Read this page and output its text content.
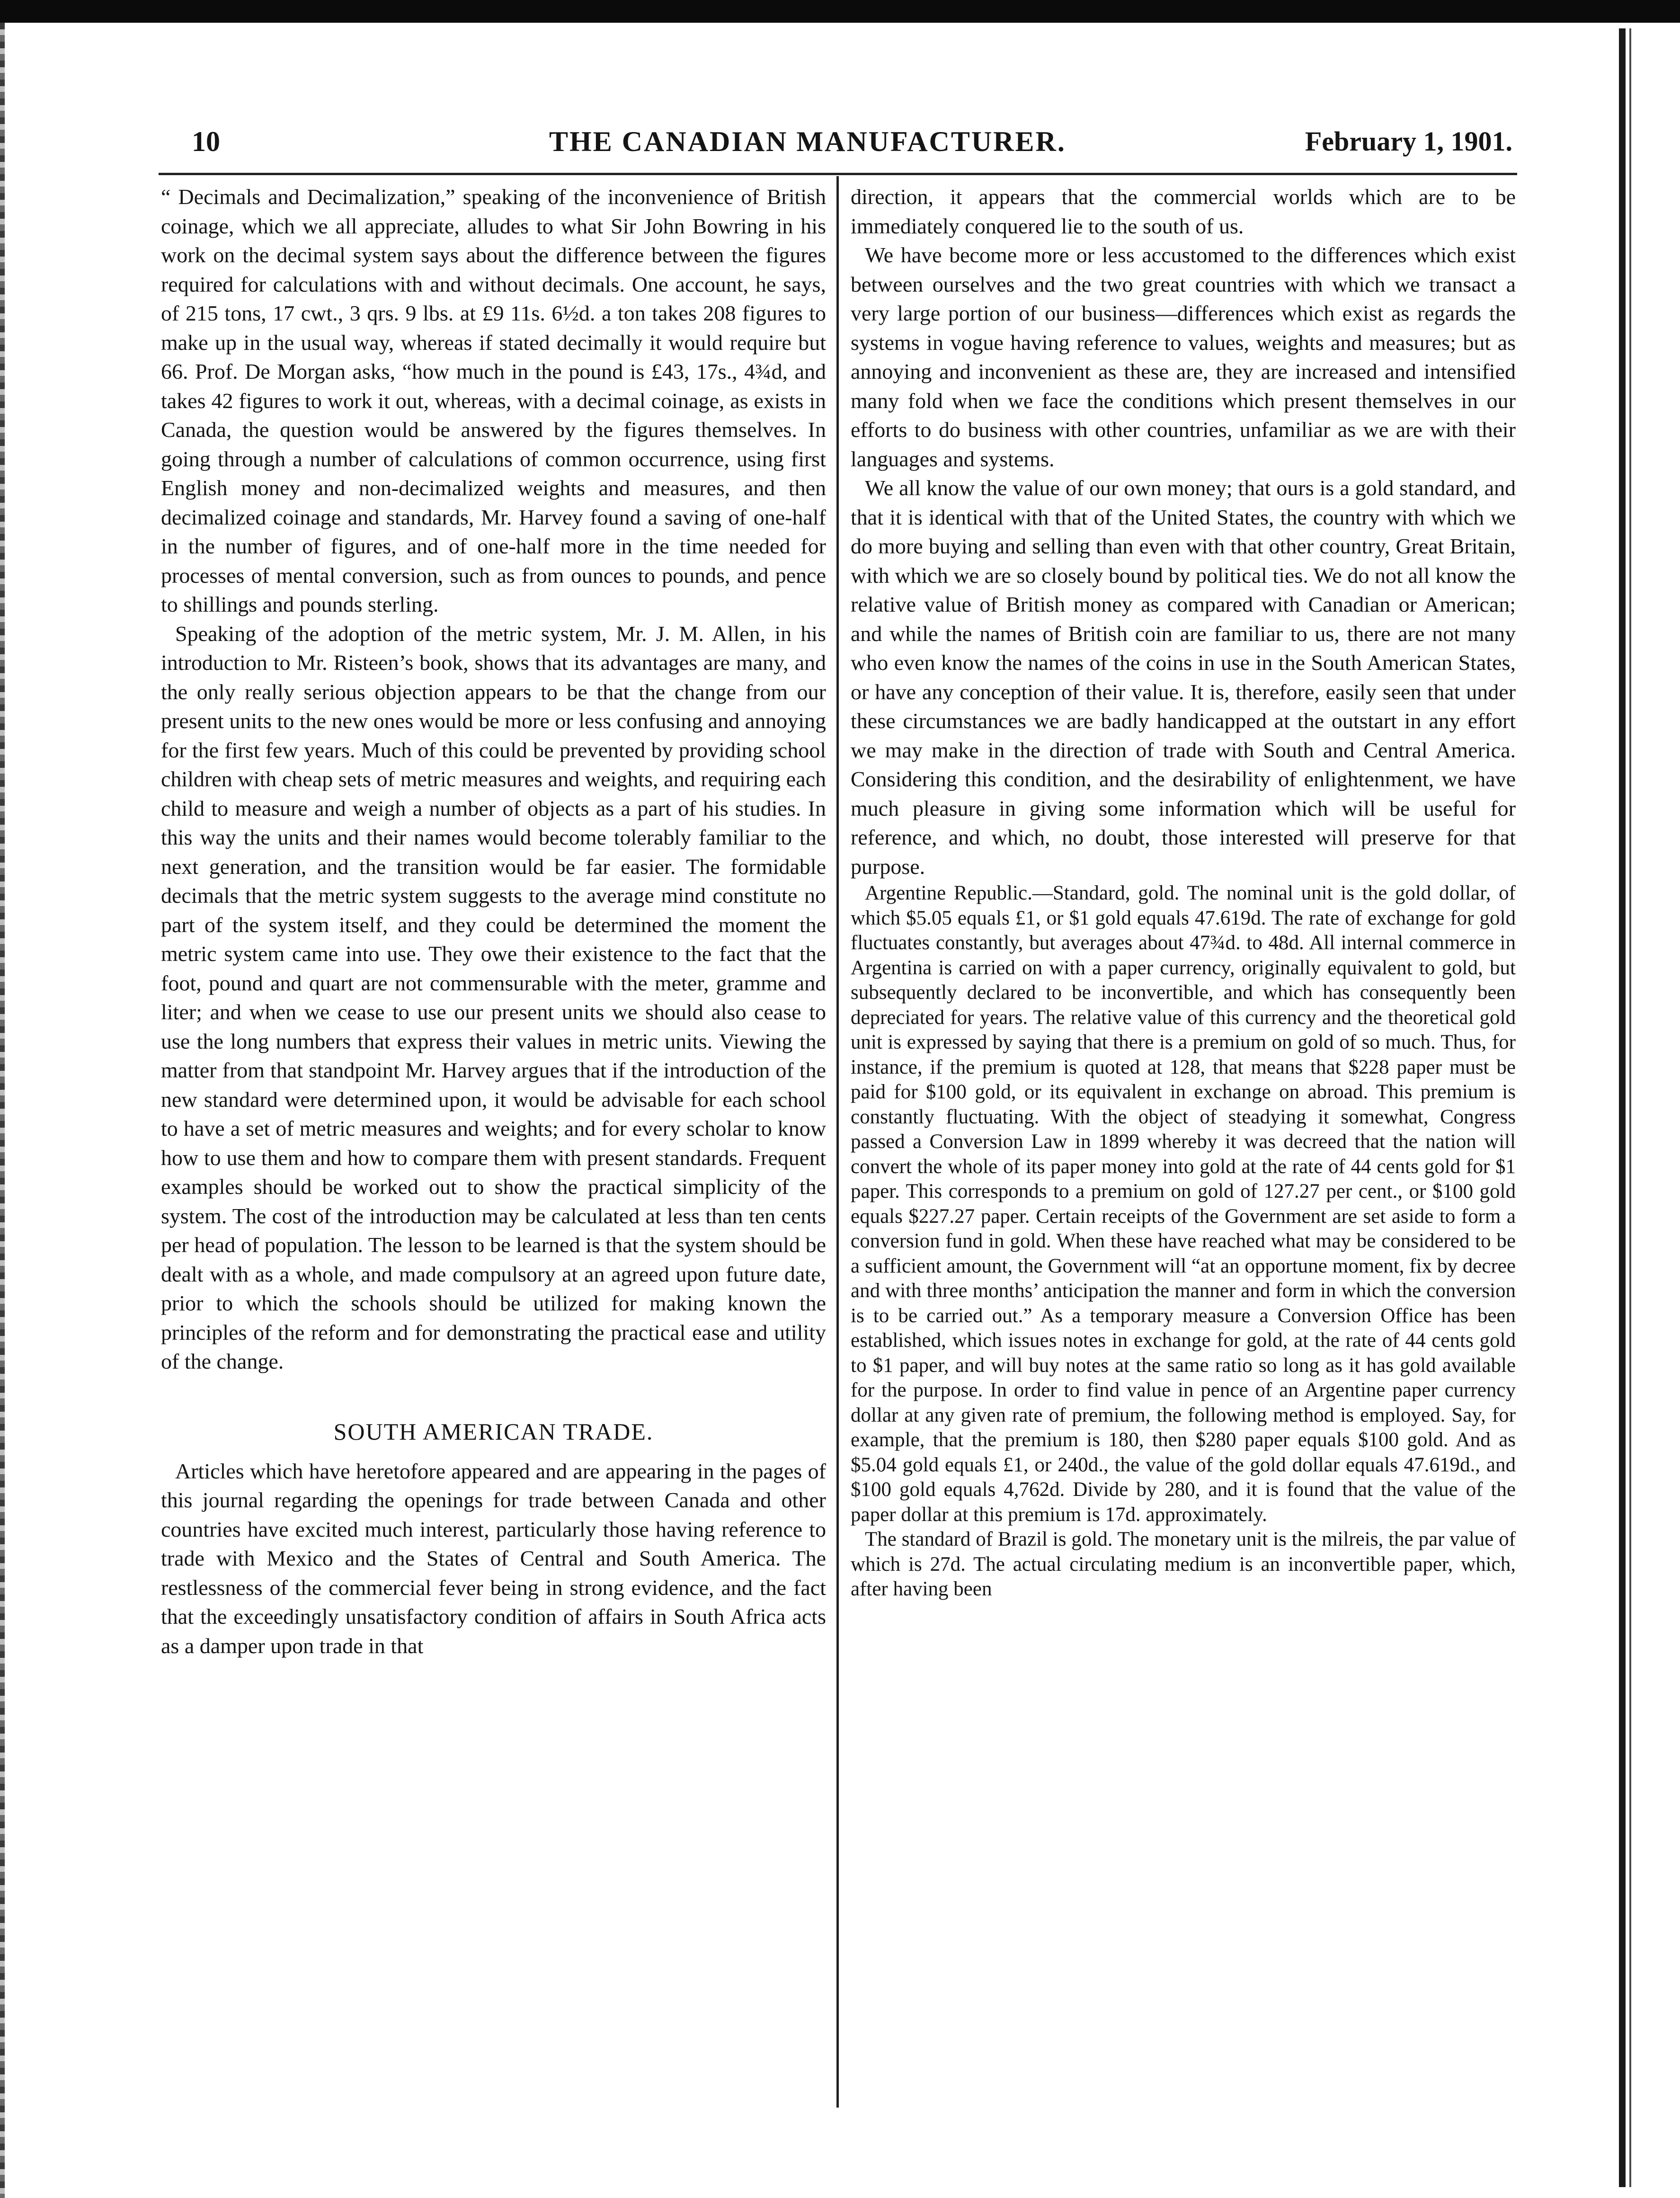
10	THE CANADIAN MANUFACTURER.	February 1, 1901.

“ Decimals and Decimalization,” speaking of the inconvenience of British coinage, which we all appreciate, alludes to what Sir John Bowring in his work on the decimal system says about the difference between the figures required for calculations with and without decimals. One account, he says, of 215 tons, 17 cwt., 3 qrs. 9 lbs. at £9 11s. 6½d. a ton takes 208 figures to make up in the usual way, whereas if stated decimally it would require but 66. Prof. De Morgan asks, “how much in the pound is £43, 17s., 4¾d, and takes 42 figures to work it out, whereas, with a decimal coinage, as exists in Canada, the question would be answered by the figures themselves. In going through a number of calculations of common occurrence, using first English money and non-decimalized weights and measures, and then decimalized coinage and standards, Mr. Harvey found a saving of one-half in the number of figures, and of one-half more in the time needed for processes of mental conversion, such as from ounces to pounds, and pence to shillings and pounds sterling.

Speaking of the adoption of the metric system, Mr. J. M. Allen, in his introduction to Mr. Risteen’s book, shows that its advantages are many, and the only really serious objection appears to be that the change from our present units to the new ones would be more or less confusing and annoying for the first few years. Much of this could be prevented by providing school children with cheap sets of metric measures and weights, and requiring each child to measure and weigh a number of objects as a part of his studies. In this way the units and their names would become tolerably familiar to the next generation, and the transition would be far easier. The formidable decimals that the metric system suggests to the average mind constitute no part of the system itself, and they could be determined the moment the metric system came into use. They owe their existence to the fact that the foot, pound and quart are not commensurable with the meter, gramme and liter; and when we cease to use our present units we should also cease to use the long numbers that express their values in metric units. Viewing the matter from that standpoint Mr. Harvey argues that if the introduction of the new standard were determined upon, it would be advisable for each school to have a set of metric measures and weights; and for every scholar to know how to use them and how to compare them with present standards. Frequent examples should be worked out to show the practical simplicity of the system. The cost of the introduction may be calculated at less than ten cents per head of population. The lesson to be learned is that the system should be dealt with as a whole, and made compulsory at an agreed upon future date, prior to which the schools should be utilized for making known the principles of the reform and for demonstrating the practical ease and utility of the change.

SOUTH AMERICAN TRADE.

Articles which have heretofore appeared and are appearing in the pages of this journal regarding the openings for trade between Canada and other countries have excited much interest, particularly those having reference to trade with Mexico and the States of Central and South America. The restlessness of the commercial fever being in strong evidence, and the fact that the exceedingly unsatisfactory condition of affairs in South Africa acts as a damper upon trade in that

direction, it appears that the commercial worlds which are to be immediately conquered lie to the south of us.

We have become more or less accustomed to the differences which exist between ourselves and the two great countries with which we transact a very large portion of our business—differences which exist as regards the systems in vogue having reference to values, weights and measures; but as annoying and inconvenient as these are, they are increased and intensified many fold when we face the conditions which present themselves in our efforts to do business with other countries, unfamiliar as we are with their languages and systems.

We all know the value of our own money; that ours is a gold standard, and that it is identical with that of the United States, the country with which we do more buying and selling than even with that other country, Great Britain, with which we are so closely bound by political ties. We do not all know the relative value of British money as compared with Canadian or American; and while the names of British coin are familiar to us, there are not many who even know the names of the coins in use in the South American States, or have any conception of their value. It is, therefore, easily seen that under these circumstances we are badly handicapped at the outstart in any effort we may make in the direction of trade with South and Central America. Considering this condition, and the desirability of enlightenment, we have much pleasure in giving some information which will be useful for reference, and which, no doubt, those interested will preserve for that purpose.

Argentine Republic.—Standard, gold. The nominal unit is the gold dollar, of which $5.05 equals £1, or $1 gold equals 47.619d. The rate of exchange for gold fluctuates constantly, but averages about 47¾d. to 48d. All internal commerce in Argentina is carried on with a paper currency, originally equivalent to gold, but subsequently declared to be inconvertible, and which has consequently been depreciated for years. The relative value of this currency and the theoretical gold unit is expressed by saying that there is a premium on gold of so much. Thus, for instance, if the premium is quoted at 128, that means that $228 paper must be paid for $100 gold, or its equivalent in exchange on abroad. This premium is constantly fluctuating. With the object of steadying it somewhat, Congress passed a Conversion Law in 1899 whereby it was decreed that the nation will convert the whole of its paper money into gold at the rate of 44 cents gold for $1 paper. This corresponds to a premium on gold of 127.27 per cent., or $100 gold equals $227.27 paper. Certain receipts of the Government are set aside to form a conversion fund in gold. When these have reached what may be considered to be a sufficient amount, the Government will “at an opportune moment, fix by decree and with three months’ anticipation the manner and form in which the conversion is to be carried out.” As a temporary measure a Conversion Office has been established, which issues notes in exchange for gold, at the rate of 44 cents gold to $1 paper, and will buy notes at the same ratio so long as it has gold available for the purpose. In order to find value in pence of an Argentine paper currency dollar at any given rate of premium, the following method is employed. Say, for example, that the premium is 180, then $280 paper equals $100 gold. And as $5.04 gold equals £1, or 240d., the value of the gold dollar equals 47.619d., and $100 gold equals 4,762d. Divide by 280, and it is found that the value of the paper dollar at this premium is 17d. approximately.

The standard of Brazil is gold. The monetary unit is the milreis, the par value of which is 27d. The actual circulating medium is an inconvertible paper, which, after having been
